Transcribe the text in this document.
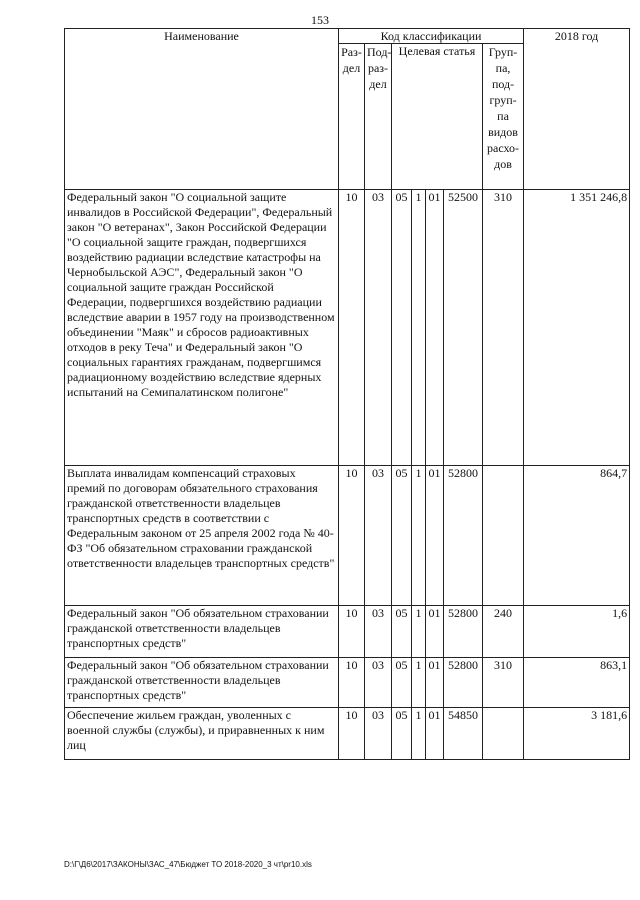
153
Наименование	Код классификации							2018 год
	Раз-дел	Под-раз-дел	Целевая статья				Груп-па, под-груп-па видов расхо-дов	
Федеральный закон "О социальной защите инвалидов в Российской Федерации", Федеральный закон "О ветеранах", Закон Российской Федерации "О социальной защите граждан, подвергшихся воздействию радиации вследствие катастрофы на Чернобыльской АЭС", Федеральный закон "О социальной защите граждан Российской Федерации, подвергшихся воздействию радиации вследствие аварии в 1957 году на производственном объединении "Маяк" и сбросов радиоактивных отходов в реку Теча" и Федеральный закон "О социальных гарантиях гражданам, подвергшимся радиационному воздействию вследствие ядерных испытаний на Семипалатинском полигоне"	10	03	05	1	01	52500	310	1 351 246,8
Выплата инвалидам компенсаций страховых премий по договорам обязательного страхования гражданской ответственности владельцев транспортных средств в соответствии с Федеральным законом от 25 апреля 2002 года № 40-ФЗ "Об обязательном страховании гражданской ответственности владельцев транспортных средств"	10	03	05	1	01	52800		864,7
Федеральный закон "Об обязательном страховании гражданской ответственности владельцев транспортных средств"	10	03	05	1	01	52800	240	1,6
Федеральный закон "Об обязательном страховании гражданской ответственности владельцев транспортных средств"	10	03	05	1	01	52800	310	863,1
Обеспечение жильем граждан, уволенных с военной службы (службы), и приравненных к ним лиц	10	03	05	1	01	54850		3 181,6
D:\Г\Д6\2017\ЗАКОНЫ\ЗАС_47\Бюджет ТО 2018-2020_3 чт\pr10.xls
